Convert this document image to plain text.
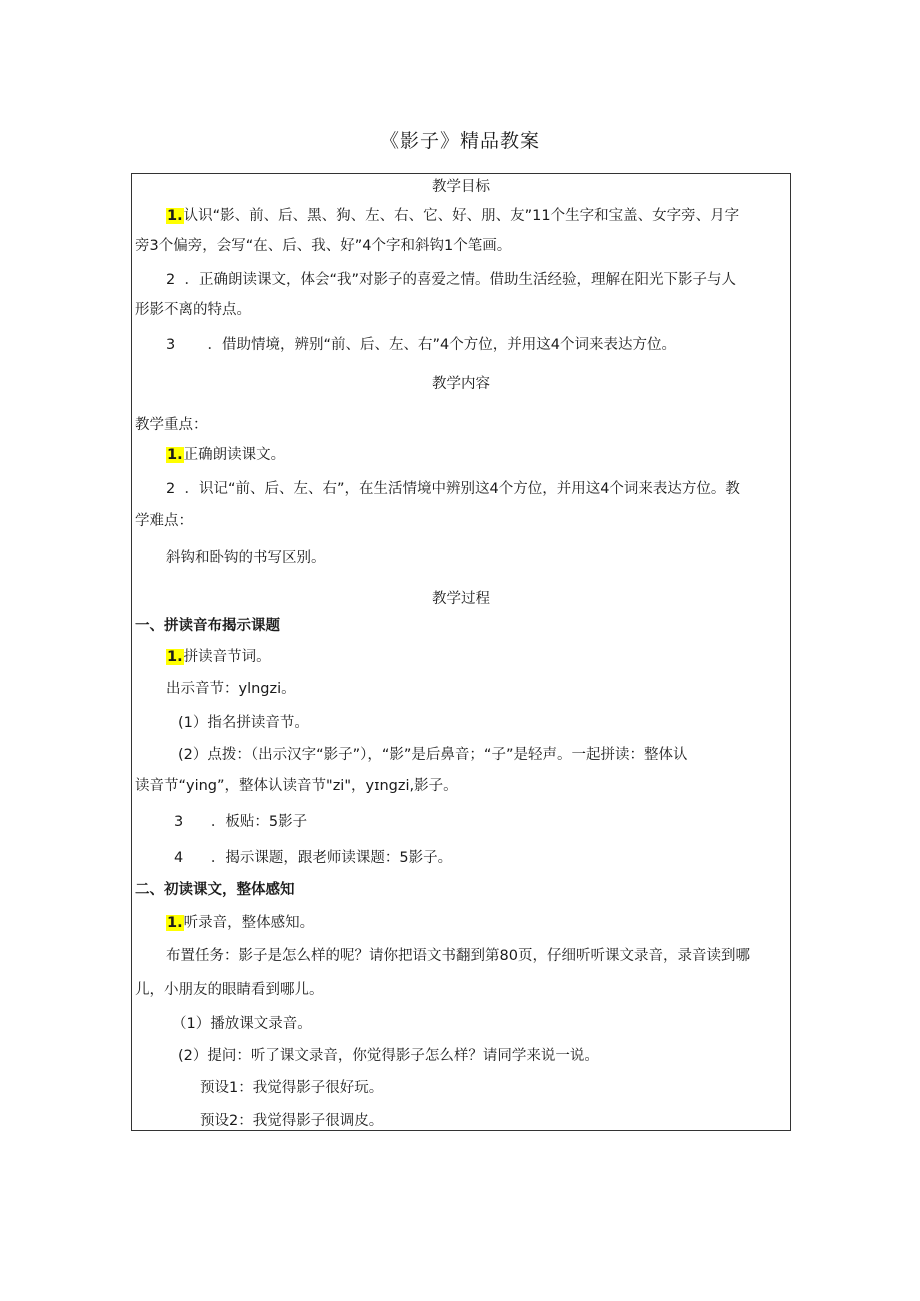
《影子》精品教案
教学目标
1.认识“影、前、后、黑、狗、左、右、它、好、朋、友”11个生字和宝盖、女字旁、月字
旁3个偏旁，会写“在、后、我、好”4个字和斜钩1个笔画。
2  ．正确朗读课文，体会“我”对影子的喜爱之情。借助生活经验，理解在阳光下影子与人
形影不离的特点。
3       ．借助情境，辨别“前、后、左、右”4个方位，并用这4个词来表达方位。
教学内容
教学重点：
1.正确朗读课文。
2  ．识记“前、后、左、右”，在生活情境中辨别这4个方位，并用这4个词来表达方位。教
学难点：
斜钩和卧钩的书写区别。
教学过程
一、拼读音布揭示课题
1.拼读音节词。
出示音节：ylngzi。
(1）指名拼读音节。
(2）点拨：（出示汉字“影子”），“影”是后鼻音；“子”是轻声。一起拼读：整体认
读音节“ying”，整体认读音节"zi"，yɪngzi,影子。
3      ．板贴：5影子
4      ．揭示课题，跟老师读课题：5影子。
二、初读课文，整体感知
1.听录音，整体感知。
布置任务：影子是怎么样的呢？请你把语文书翻到第80页，仔细听听课文录音，录音读到哪
儿，小朋友的眼睛看到哪儿。
（1）播放课文录音。
(2）提问：听了课文录音，你觉得影子怎么样？请同学来说一说。
预设1：我觉得影子很好玩。
预设2：我觉得影子很调皮。
